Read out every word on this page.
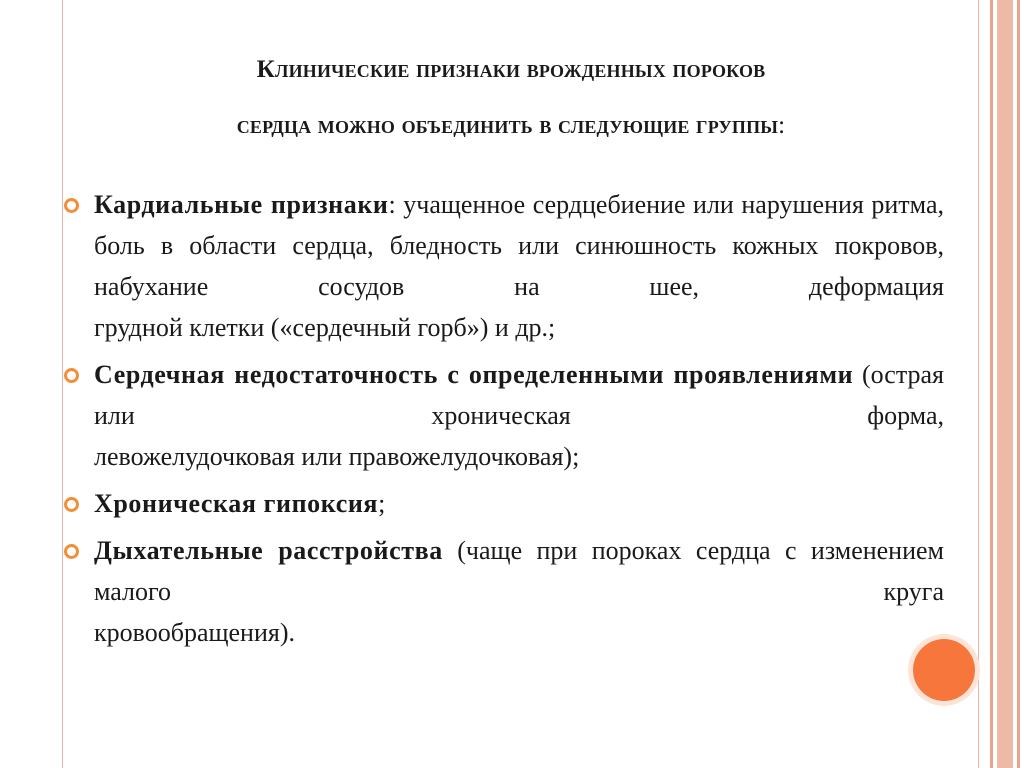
Клинические признаки врожденных пороков
сердца можно объединить в следующие группы:
Кардиальные признаки: учащенное сердцебиение или нарушения ритма, боль в области сердца, бледность или синюшность кожных покровов, набухание сосудов на шее, деформация
грудной клетки («сердечный горб») и др.;
Сердечная недостаточность с определенными проявлениями (острая или хроническая форма,
левожелудочковая или правожелудочковая);
Хроническая гипоксия;
Дыхательные расстройства (чаще при пороках сердца с изменением малого круга
кровообращения).
